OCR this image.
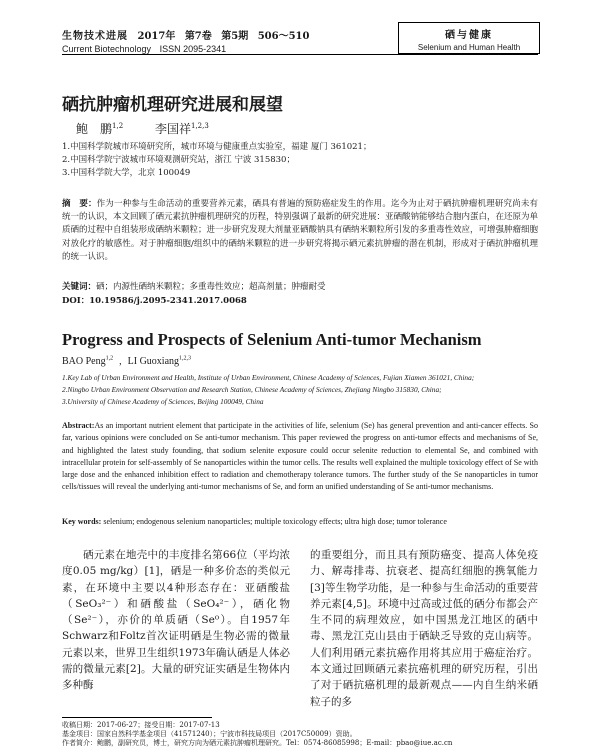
生物技术进展 2017年 第7卷 第5期 506～510
Current Biotechnology ISSN 2095-2341
硒与健康
Selenium and Human Health
硒抗肿瘤机理研究进展和展望
鲍　鹏$^{1,2}$	李国祥$^{1,2,3}$
1.中国科学院城市环境研究所，城市环境与健康重点实验室，福建 厦门 361021；
2.中国科学院宁波城市环境观测研究站，浙江 宁波 315830；
3.中国科学院大学，北京 100049
摘　要：作为一种参与生命活动的重要营养元素，硒具有普遍的预防癌症发生的作用。迄今为止对于硒抗肿瘤机理研究尚未有统一的认识，本文回顾了硒元素抗肿瘤机理研究的历程，特别强调了最新的研究进展：亚硒酸钠能够结合胞内蛋白，在还原为单质硒的过程中自组装形成硒纳米颗粒；进一步研究发现大剂量亚硒酸钠具有硒纳米颗粒所引发的多重毒性效应，可增强肿瘤细胞对放化疗的敏感性。对于肿瘤细胞/组织中的硒纳米颗粒的进一步研究将揭示硒元素抗肿瘤的潜在机制，形成对于硒抗肿瘤机理的统一认识。
关键词：硒；内源性硒纳米颗粒；多重毒性效应；超高剂量；肿瘤耐受
DOI：10.19586/j.2095-2341.2017.0068
Progress and Prospects of Selenium Anti-tumor Mechanism
BAO Peng$^{1,2}$ , LI Guoxiang$^{1,2,3}$
1.Key Lab of Urban Environment and Health, Institute of Urban Environment, Chinese Academy of Sciences, Fujian Xiamen 361021, China;
2.Ningbo Urban Environment Observation and Research Station, Chinese Academy of Sciences, Zhejiang Ningbo 315830, China;
3.University of Chinese Academy of Sciences, Beijing 100049, China
Abstract:As an important nutrient element that participate in the activities of life, selenium (Se) has general prevention and anti-cancer effects. So far, various opinions were concluded on Se anti-tumor mechanism. This paper reviewed the progress on anti-tumor effects and mechanisms of Se, and highlighted the latest study founding, that sodium selenite exposure could occur selenite reduction to elemental Se, and combined with intracellular protein for self-assembly of Se nanoparticles within the tumor cells. The results well explained the multiple toxicology effect of Se with large dose and the enhanced inhibition effect to radiation and chemotherapy tolerance tumors. The further study of the Se nanoparticles in tumor cells/tissues will reveal the underlying anti-tumor mechanisms of Se, and form an unified understanding of Se anti-tumor mechanisms.
Key words: selenium; endogenous selenium nanoparticles; multiple toxicology effects; ultra high dose; tumor tolerance

硒元素在地壳中的丰度排名第66位（平均浓度0.05 mg/kg）[1]，硒是一种多价态的类似元素，在环境中主要以4种形态存在：亚硒酸盐（SeO₃²⁻）和硒酸盐（SeO₄²⁻），硒化物（Se²⁻），亦价的单质硒（Se⁰）。自1957年Schwarz和Foltz首次证明硒是生物必需的微量元素以来，世界卫生组织1973年确认硒是人体必需的微量元素[2]。大量的研究证实硒是生物体内多种酶

的重要组分，而且具有预防癌变、提高人体免疫力、解毒排毒、抗衰老、提高红细胞的携氧能力[3]等生物学功能，是一种参与生命活动的重要营养元素[4,5]。环境中过高或过低的硒分布都会产生不同的病理效应，如中国黑龙江地区的硒中毒、黑龙江克山县由于硒缺乏导致的克山病等。人们利用硒元素抗癌作用将其应用于癌症治疗。本文通过回顾硒元素抗癌机理的研究历程，引出了对于硒抗癌机理的最新观点——内自生纳米硒粒子的多

收稿日期：2017-06-27；接受日期：2017-07-13
基金项目：国家自然科学基金项目（41571240）；宁波市科技局项目（2017C50009）资助。
作者简介：鲍鹏，副研究员，博士，研究方向为硒元素抗肿瘤机理研究。Tel：0574-86085998；E-mail：pbao@iue.ac.cn
